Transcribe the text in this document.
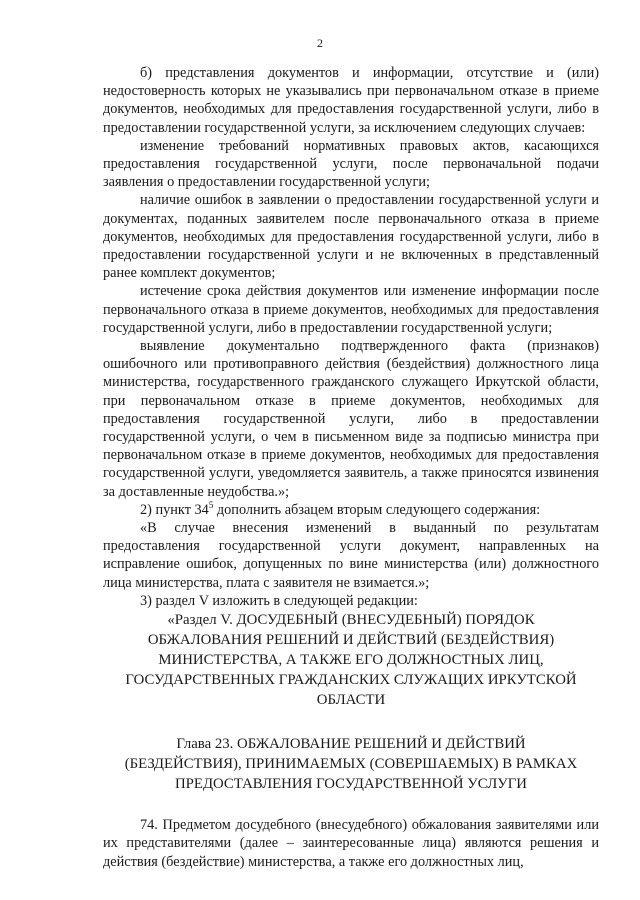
2

б) представления документов и информации, отсутствие и (или) недостоверность которых не указывались при первоначальном отказе в приеме документов, необходимых для предоставления государственной услуги, либо в предоставлении государственной услуги, за исключением следующих случаев:

изменение требований нормативных правовых актов, касающихся предоставления государственной услуги, после первоначальной подачи заявления о предоставлении государственной услуги;

наличие ошибок в заявлении о предоставлении государственной услуги и документах, поданных заявителем после первоначального отказа в приеме документов, необходимых для предоставления государственной услуги, либо в предоставлении государственной услуги и не включенных в представленный ранее комплект документов;

истечение срока действия документов или изменение информации после первоначального отказа в приеме документов, необходимых для предоставления государственной услуги, либо в предоставлении государственной услуги;

выявление документально подтвержденного факта (признаков) ошибочного или противоправного действия (бездействия) должностного лица министерства, государственного гражданского служащего Иркутской области, при первоначальном отказе в приеме документов, необходимых для предоставления государственной услуги, либо в предоставлении государственной услуги, о чем в письменном виде за подписью министра при первоначальном отказе в приеме документов, необходимых для предоставления государственной услуги, уведомляется заявитель, а также приносятся извинения за доставленные неудобства.»;

2) пункт $34^5$ дополнить абзацем вторым следующего содержания:

«В случае внесения изменений в выданный по результатам предоставления государственной услуги документ, направленных на исправление ошибок, допущенных по вине министерства (или) должностного лица министерства, плата с заявителя не взимается.»;

3) раздел V изложить в следующей редакции:

«Раздел V. ДОСУДЕБНЫЙ (ВНЕСУДЕБНЫЙ) ПОРЯДОК
ОБЖАЛОВАНИЯ РЕШЕНИЙ И ДЕЙСТВИЙ (БЕЗДЕЙСТВИЯ)
МИНИСТЕРСТВА, А ТАКЖЕ ЕГО ДОЛЖНОСТНЫХ ЛИЦ,
ГОСУДАРСТВЕННЫХ ГРАЖДАНСКИХ СЛУЖАЩИХ ИРКУТСКОЙ
ОБЛАСТИ
Глава 23. ОБЖАЛОВАНИЕ РЕШЕНИЙ И ДЕЙСТВИЙ
(БЕЗДЕЙСТВИЯ), ПРИНИМАЕМЫХ (СОВЕРШАЕМЫХ) В РАМКАХ
ПРЕДОСТАВЛЕНИЯ ГОСУДАРСТВЕННОЙ УСЛУГИ

74. Предметом досудебного (внесудебного) обжалования заявителями или их представителями (далее – заинтересованные лица) являются решения и действия (бездействие) министерства, а также его должностных лиц,
